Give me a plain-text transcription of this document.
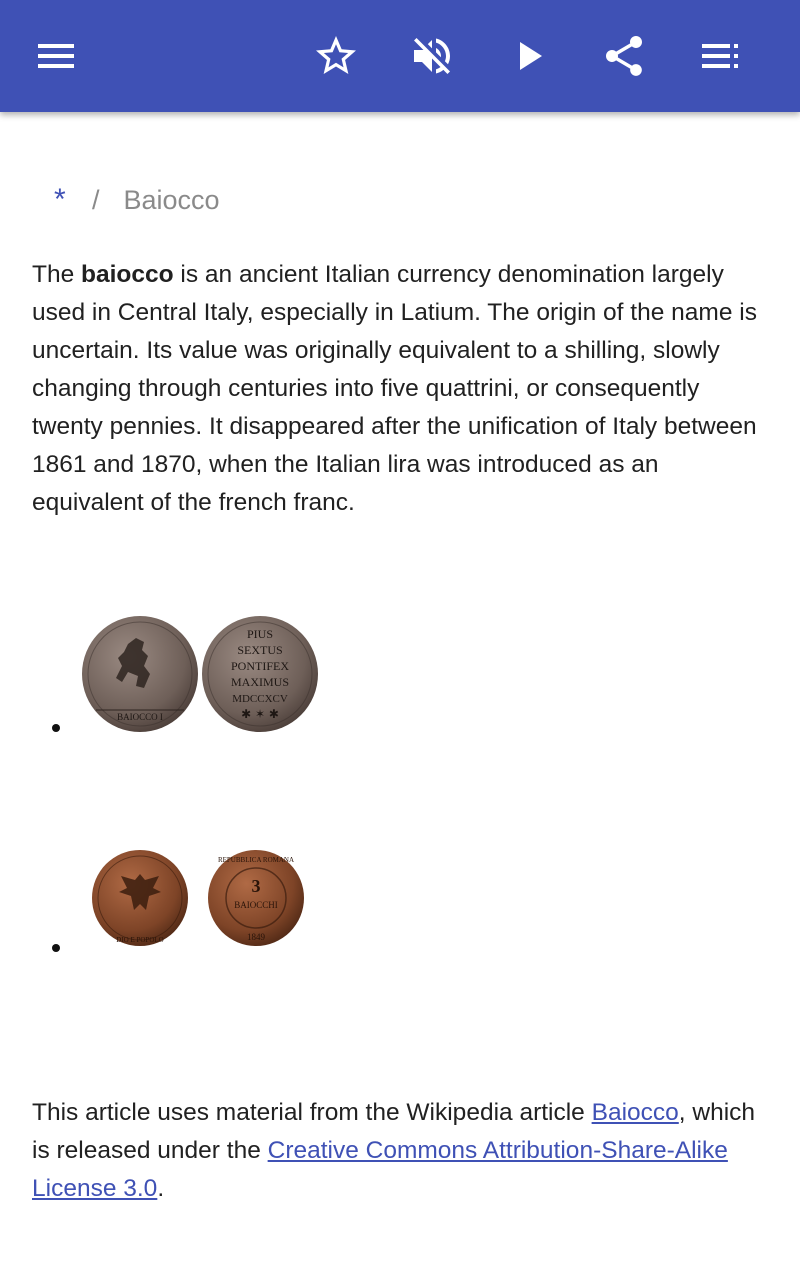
* / Baiocco
The baiocco is an ancient Italian currency denomination largely used in Central Italy, especially in Latium. The origin of the name is uncertain. Its value was originally equivalent to a shilling, slowly changing through centuries into five quattrini, or consequently twenty pennies. It disappeared after the unification of Italy between 1861 and 1870, when the Italian lira was introduced as an equivalent of the french franc.
BAIOCCO I
PIUS
SEXTUS
PONTIFEX
MAXIMUS
MDCCXCV
✱ ✶ ✱
DIO E POPOLO
REPUBBLICA ROMANA
3
BAIOCCHI
1849
This article uses material from the Wikipedia article Baiocco, which is released under the Creative Commons Attribution-Share-Alike License 3.0.
